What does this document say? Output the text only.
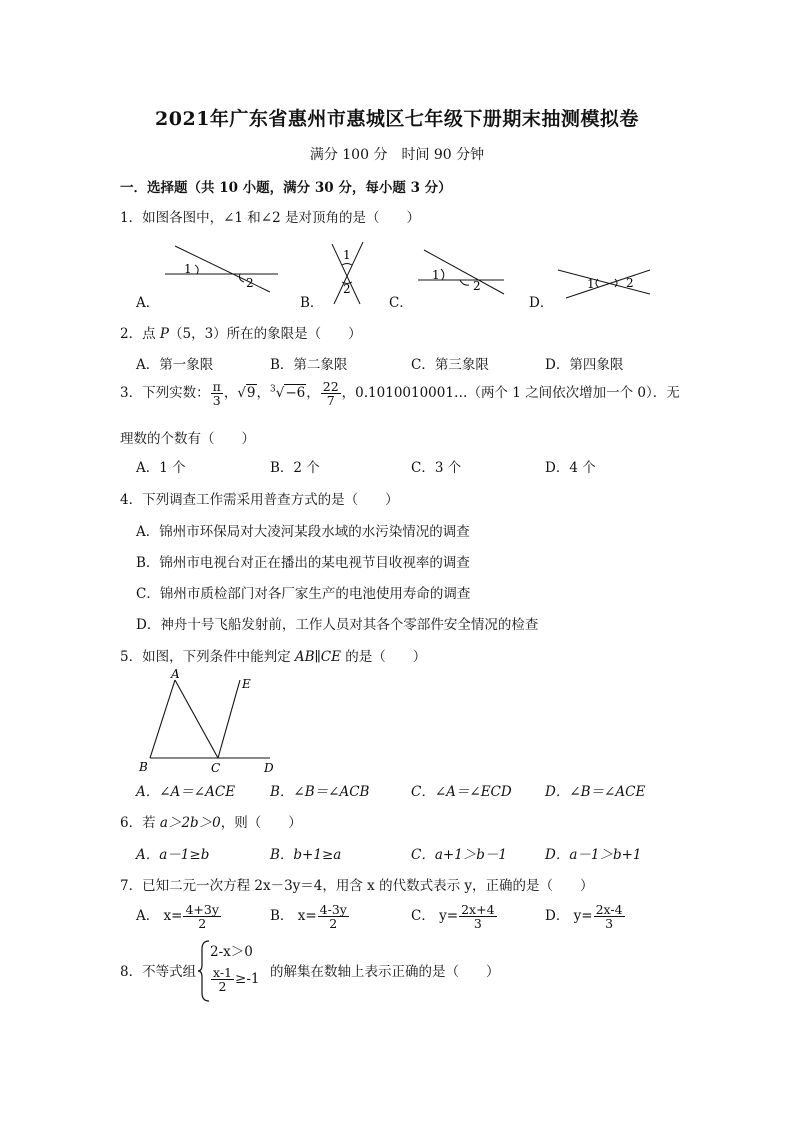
2021年广东省惠州市惠城区七年级下册期末抽测模拟卷
满分 100 分　时间 90 分钟
一．选择题（共 10 小题，满分 30 分，每小题 3 分）
1．如图各图中，∠1 和∠2 是对顶角的是（　　）
1
2
1
2
1
2	1	2
A．	B．	C．	D．
2．点 P（5，3）所在的象限是（　　）
A．第一象限	B．第二象限	C．第三象限	D．第四象限
3．下列实数： $\frac{\pi}{3}$ ，√9，$^3$√−6， $\frac{22}{7}$ ，0.1010010001…（两个 1 之间依次增加一个 0）．无
理数的个数有（　　）
A．1 个	B．2 个	C．3 个	D．4 个
4．下列调查工作需采用普查方式的是（　　）
A．锦州市环保局对大凌河某段水域的水污染情况的调查
B．锦州市电视台对正在播出的某电视节目收视率的调查
C．锦州市质检部门对各厂家生产的电池使用寿命的调查
D．神舟十号飞船发射前，工作人员对其各个零部件安全情况的检查
5．如图，下列条件中能判定 AB∥CE 的是（　　）
A
E
B	C	D
A．∠A＝∠ACE	B．∠B＝∠ACB	C．∠A＝∠ECD D．∠B＝∠ACE
6．若 a＞2b＞0，则（　　）
A．a－1≥b	B．b+1≥a	C．a+1＞b－1	D．a－1＞b+1
7．已知二元一次方程 2x－3y＝4，用含 x 的代数式表示 y，正确的是（　　）
A． $x= \frac{4+3y}{2}$	B． $x= \frac{4-3y}{2}$	C． $y= \frac{2x+4}{3}$	D． $y= \frac{2x-4}{3}$
8．不等式组
2-x＞0
$\frac{x-1}{2} \ge-1$ 的解集在数轴上表示正确的是（　　）
